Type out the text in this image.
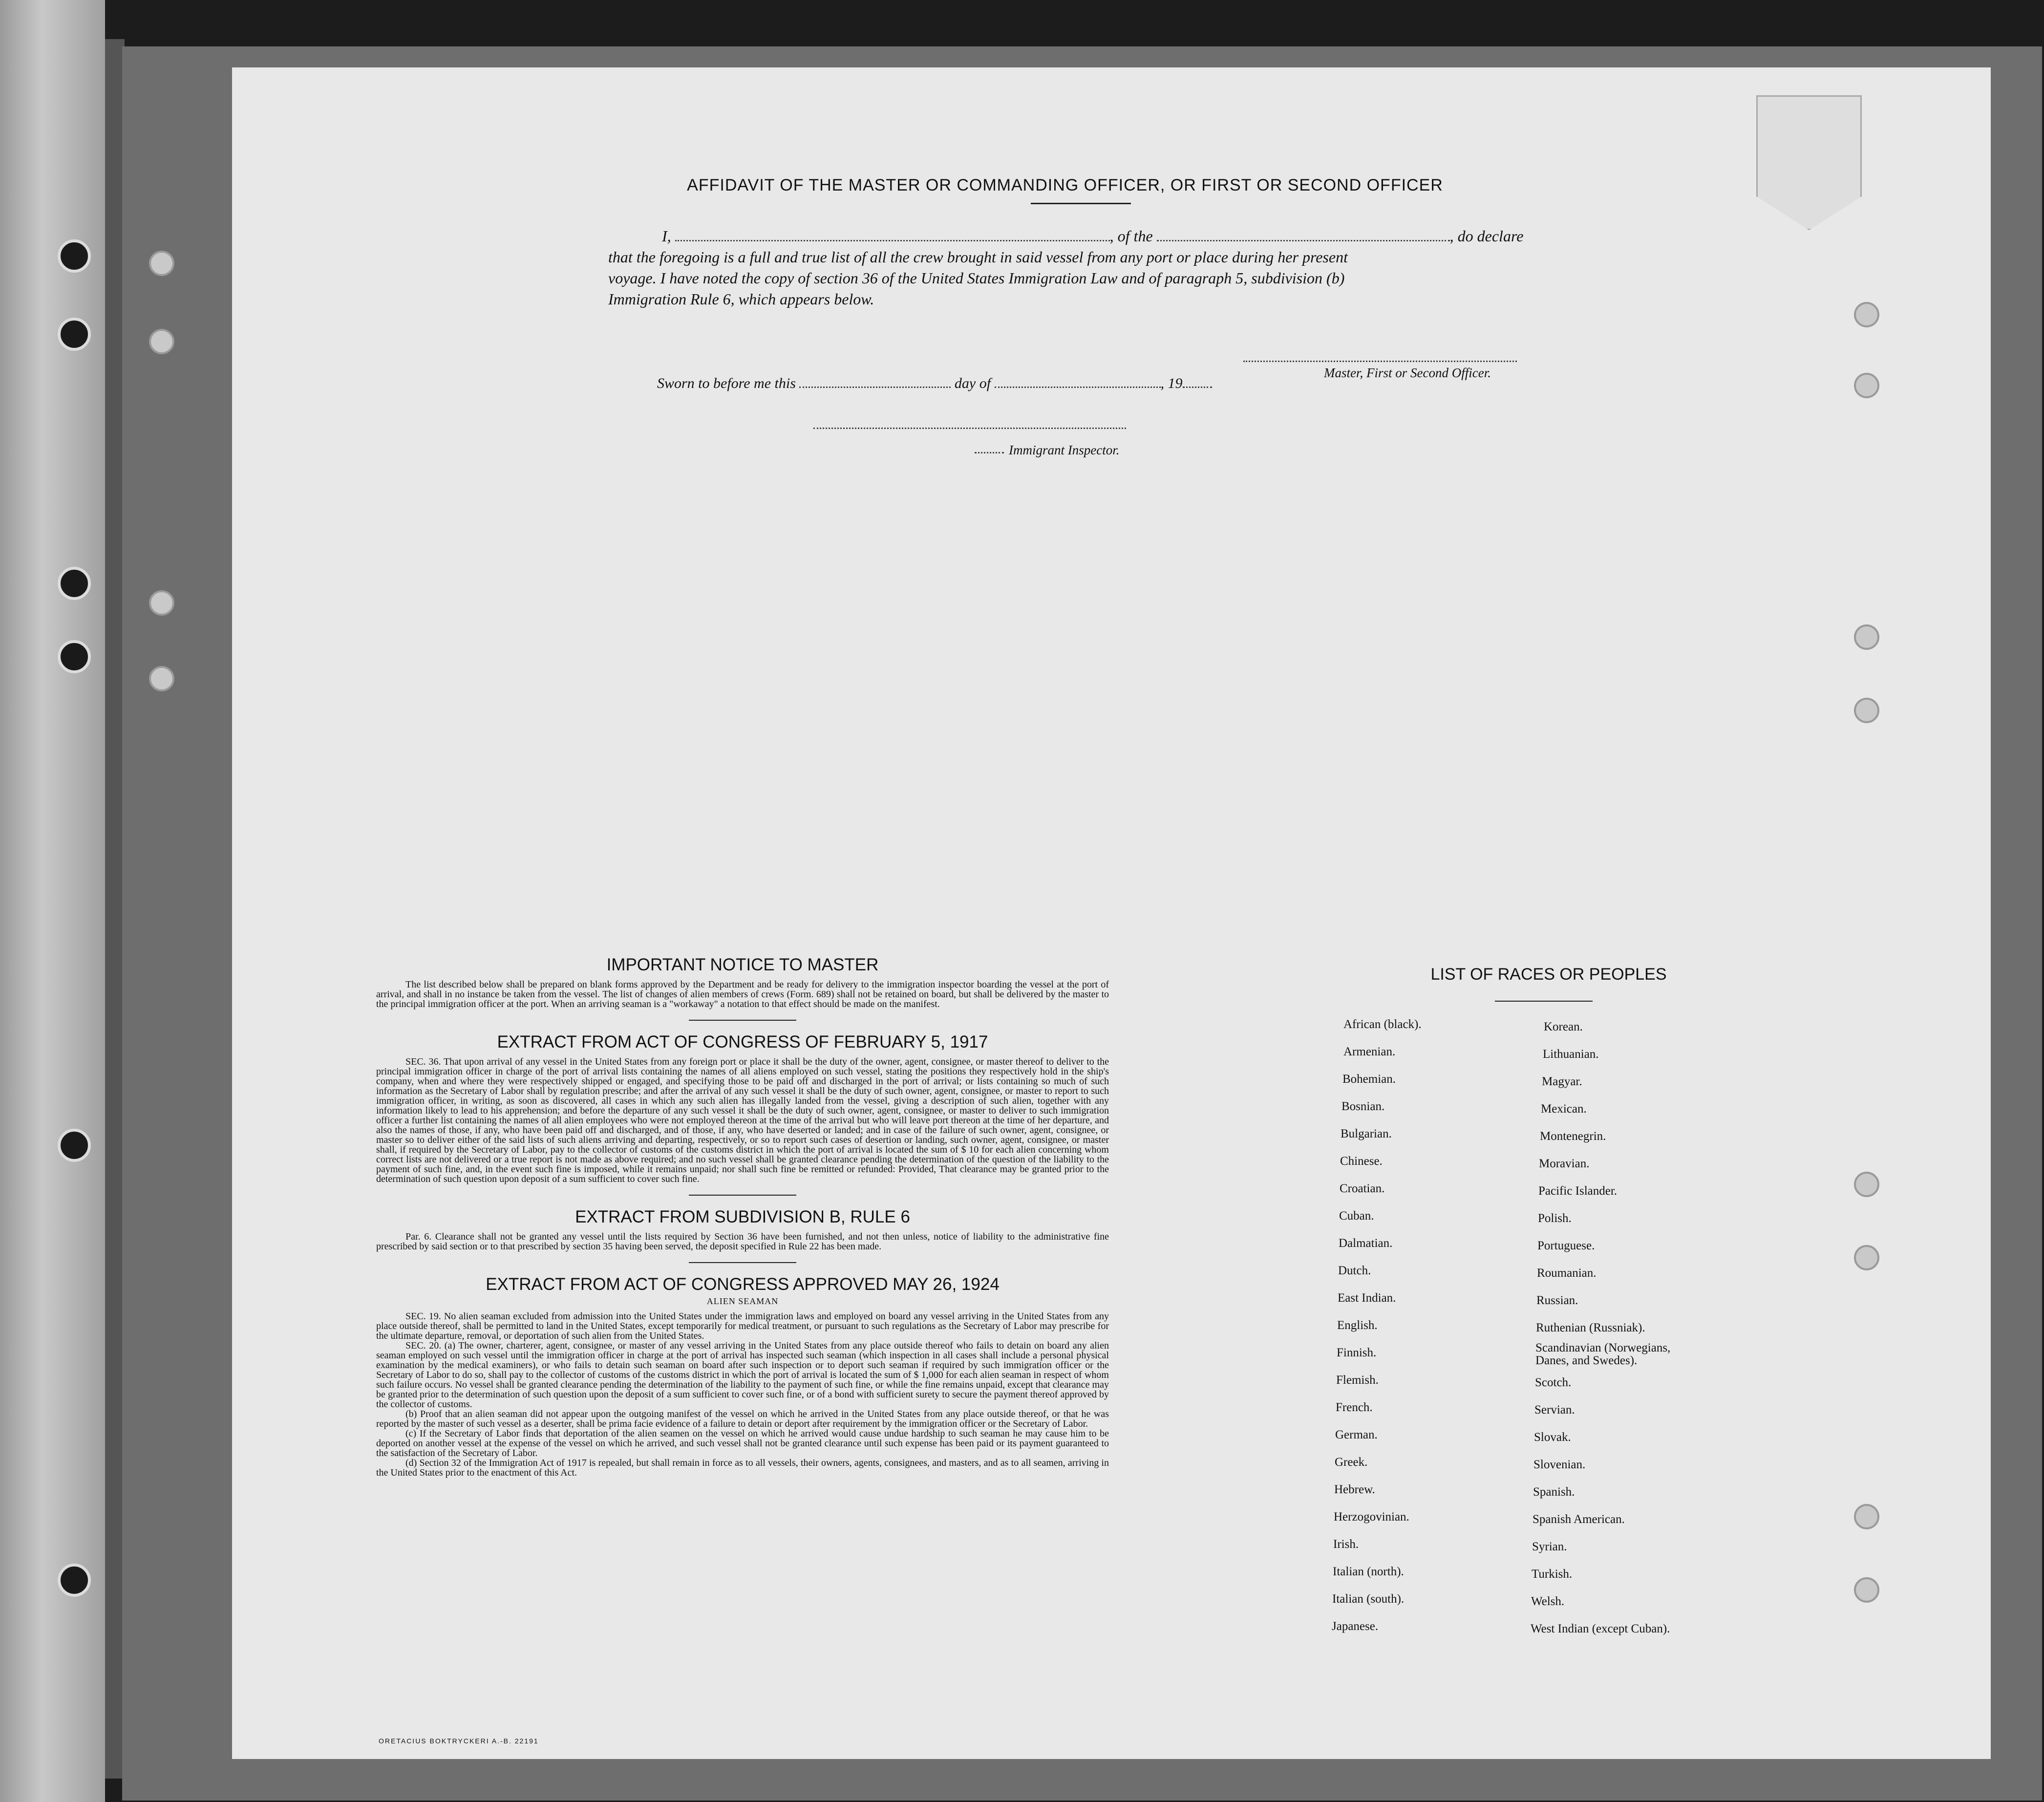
AFFIDAVIT OF THE MASTER OR COMMANDING OFFICER, OR FIRST OR SECOND OFFICER
I,	, of the	, do declare
that the foregoing is a full and true list of all the crew brought in said vessel from any port or place during her present
voyage. I have noted the copy of section 36 of the United States Immigration Law and of paragraph 5, subdivision (b)
Immigration Rule 6, which appears below.
Master, First or Second Officer.
Sworn to before me this	day of	, 19
Immigrant Inspector.
IMPORTANT NOTICE TO MASTER

The list described below shall be prepared on blank forms approved by the Department and be ready for delivery to the immigration inspector boarding the vessel at the port of arrival, and shall in no instance be taken from the vessel. The list of changes of alien members of crews (Form. 689) shall not be retained on board, but shall be delivered by the master to the principal immigration officer at the port. When an arriving seaman is a "workaway" a notation to that effect should be made on the manifest.

EXTRACT FROM ACT OF CONGRESS OF FEBRUARY 5, 1917

SEC. 36. That upon arrival of any vessel in the United States from any foreign port or place it shall be the duty of the owner, agent, consignee, or master thereof to deliver to the principal immigration officer in charge of the port of arrival lists containing the names of all aliens employed on such vessel, stating the positions they respectively hold in the ship's company, when and where they were respectively shipped or engaged, and specifying those to be paid off and discharged in the port of arrival; or lists containing so much of such information as the Secretary of Labor shall by regulation prescribe; and after the arrival of any such vessel it shall be the duty of such owner, agent, consignee, or master to report to such immigration officer, in writing, as soon as discovered, all cases in which any such alien has illegally landed from the vessel, giving a description of such alien, together with any information likely to lead to his apprehension; and before the departure of any such vessel it shall be the duty of such owner, agent, consignee, or master to deliver to such immigration officer a further list containing the names of all alien employees who were not employed thereon at the time of the arrival but who will leave port thereon at the time of her departure, and also the names of those, if any, who have been paid off and discharged, and of those, if any, who have deserted or landed; and in case of the failure of such owner, agent, consignee, or master so to deliver either of the said lists of such aliens arriving and departing, respectively, or so to report such cases of desertion or landing, such owner, agent, consignee, or master shall, if required by the Secretary of Labor, pay to the collector of customs of the customs district in which the port of arrival is located the sum of $ 10 for each alien concerning whom correct lists are not delivered or a true report is not made as above required; and no such vessel shall be granted clearance pending the determination of the question of the liability to the payment of such fine, and, in the event such fine is imposed, while it remains unpaid; nor shall such fine be remitted or refunded: Provided, That clearance may be granted prior to the determination of such question upon deposit of a sum sufficient to cover such fine.

EXTRACT FROM SUBDIVISION B, RULE 6

Par. 6. Clearance shall not be granted any vessel until the lists required by Section 36 have been furnished, and not then unless, notice of liability to the administrative fine prescribed by said section or to that prescribed by section 35 having been served, the deposit specified in Rule 22 has been made.

EXTRACT FROM ACT OF CONGRESS APPROVED MAY 26, 1924
ALIEN SEAMAN

SEC. 19. No alien seaman excluded from admission into the United States under the immigration laws and employed on board any vessel arriving in the United States from any place outside thereof, shall be permitted to land in the United States, except temporarily for medical treatment, or pursuant to such regulations as the Secretary of Labor may prescribe for the ultimate departure, removal, or deportation of such alien from the United States.

SEC. 20. (a) The owner, charterer, agent, consignee, or master of any vessel arriving in the United States from any place outside thereof who fails to detain on board any alien seaman employed on such vessel until the immigration officer in charge at the port of arrival has inspected such seaman (which inspection in all cases shall include a personal physical examination by the medical examiners), or who fails to detain such seaman on board after such inspection or to deport such seaman if required by such immigration officer or the Secretary of Labor to do so, shall pay to the collector of customs of the customs district in which the port of arrival is located the sum of $ 1,000 for each alien seaman in respect of whom such failure occurs. No vessel shall be granted clearance pending the determination of the liability to the payment of such fine, or while the fine remains unpaid, except that clearance may be granted prior to the determination of such question upon the deposit of a sum sufficient to cover such fine, or of a bond with sufficient surety to secure the payment thereof approved by the collector of customs.

(b) Proof that an alien seaman did not appear upon the outgoing manifest of the vessel on which he arrived in the United States from any place outside thereof, or that he was reported by the master of such vessel as a deserter, shall be prima facie evidence of a failure to detain or deport after requirement by the immigration officer or the Secretary of Labor.

(c) If the Secretary of Labor finds that deportation of the alien seamen on the vessel on which he arrived would cause undue hardship to such seaman he may cause him to be deported on another vessel at the expense of the vessel on which he arrived, and such vessel shall not be granted clearance until such expense has been paid or its payment guaranteed to the satisfaction of the Secretary of Labor.

(d) Section 32 of the Immigration Act of 1917 is repealed, but shall remain in force as to all vessels, their owners, agents, consignees, and masters, and as to all seamen, arriving in the United States prior to the enactment of this Act.

LIST OF RACES OR PEOPLES
African (black).
Armenian.
Bohemian.
Bosnian.
Bulgarian.
Chinese.
Croatian.
Cuban.
Dalmatian.
Dutch.
East Indian.
English.
Finnish.
Flemish.
French.
German.
Greek.
Hebrew.
Herzogovinian.
Irish.
Italian (north).
Italian (south).
Japanese.
Korean.
Lithuanian.
Magyar.
Mexican.
Montenegrin.
Moravian.
Pacific Islander.
Polish.
Portuguese.
Roumanian.
Russian.
Ruthenian (Russniak).
Scandinavian (Norwegians,
Danes, and Swedes).
Scotch.
Servian.
Slovak.
Slovenian.
Spanish.
Spanish American.
Syrian.
Turkish.
Welsh.
West Indian (except Cuban).
ORETACIUS BOKTRYCKERI A.-B. 22191
